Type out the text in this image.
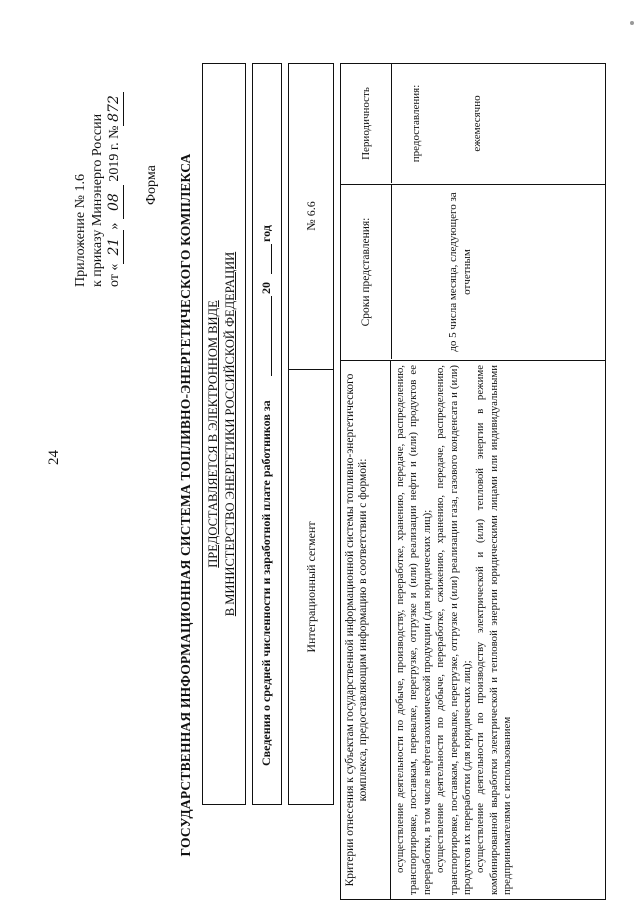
24
Приложение № 1.6 к приказу Минэнерго России от «21» 08 2019 г. №872
Форма ГОСУДАРСТВЕННАЯ ИНФОРМАЦИОННАЯ СИСТЕМА ТОПЛИВНО-ЭНЕРГЕТИЧЕСКОГО КОМПЛЕКСА ПРЕДОСТАВЛЯЕТСЯ В ЭЛЕКТРОННОМ ВИДЕ В МИНИСТЕРСТВО ЭНЕРГЕТИКИ РОССИЙСКОЙ ФЕДЕРАЦИИ Сведения о средней численности и заработной плате работников за
20
год
Интеграционный сегмент
№ 6.6
Критерии отнесения к субъектам государственной информационной системы топливно-энергетического комплекса, предоставляющим информацию в соответствии с формой:	осуществление деятельности по добыче, производству, переработке, хранению, передаче, распределению, транспортировке, поставкам, перевалке, перегрузке, отгрузке и (или) реализации нефти и (или) продуктов ее переработки, в том числе нефтегазохимической продукции (для юридических лиц); осуществление деятельности по добыче, переработке, сжижению, хранению, передаче, распределению, транспортировке, поставкам, перевалке, перегрузке, отгрузке и (или) реализации газа, газового конденсата и (или) продуктов их переработки (для юридических лиц); осуществление деятельности по производству электрической и (или) тепловой энергии в режиме комбинированной выработки электрической и тепловой энергии юридическими лицами или индивидуальными предпринимателями с использованием

Сроки представления:	до 5 числа месяца, следующего за отчетным
Периодичность предоставления:	ежемесячно
